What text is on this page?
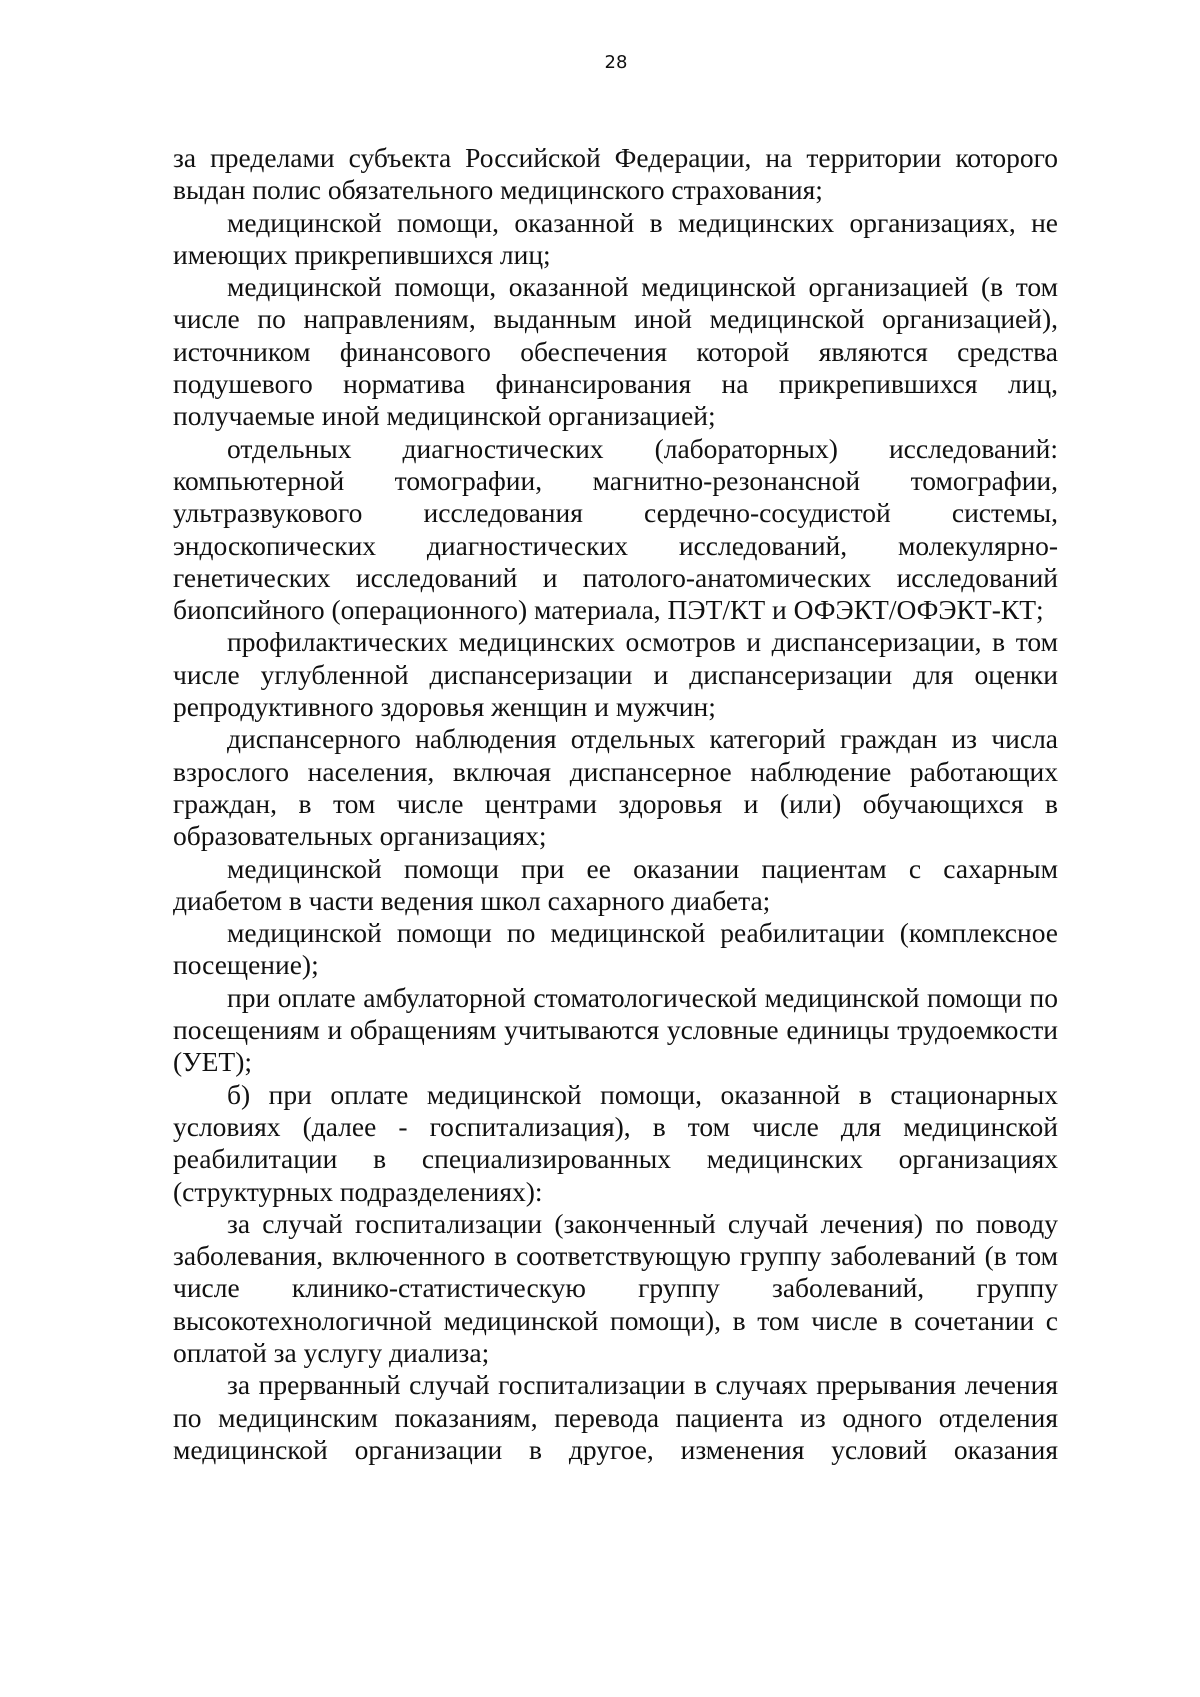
28

за пределами субъекта Российской Федерации, на территории которого выдан полис обязательного медицинского страхования;

медицинской помощи, оказанной в медицинских организациях, не имеющих прикрепившихся лиц;

медицинской помощи, оказанной медицинской организацией (в том числе по направлениям, выданным иной медицинской организацией), источником финансового обеспечения которой являются средства подушевого норматива финансирования на прикрепившихся лиц, получаемые иной медицинской организацией;

отдельных диагностических (лабораторных) исследований: компьютерной томографии, магнитно-резонансной томографии, ультразвукового исследования сердечно-сосудистой системы, эндоскопических диагностических исследований, молекулярно-генетических исследований и патолого-анатомических исследований биопсийного (операционного) материала, ПЭТ/КТ и ОФЭКТ/ОФЭКТ-КТ;

профилактических медицинских осмотров и диспансеризации, в том числе углубленной диспансеризации и диспансеризации для оценки репродуктивного здоровья женщин и мужчин;

диспансерного наблюдения отдельных категорий граждан из числа взрослого населения, включая диспансерное наблюдение работающих граждан, в том числе центрами здоровья и (или) обучающихся в образовательных организациях;

медицинской помощи при ее оказании пациентам с сахарным диабетом в части ведения школ сахарного диабета;

медицинской помощи по медицинской реабилитации (комплексное посещение);

при оплате амбулаторной стоматологической медицинской помощи по посещениям и обращениям учитываются условные единицы трудоемкости (УЕТ);

б) при оплате медицинской помощи, оказанной в стационарных условиях (далее - госпитализация), в том числе для медицинской реабилитации в специализированных медицинских организациях (структурных подразделениях):

за случай госпитализации (законченный случай лечения) по поводу заболевания, включенного в соответствующую группу заболеваний (в том числе клинико-статистическую группу заболеваний, группу высокотехнологичной медицинской помощи), в том числе в сочетании с оплатой за услугу диализа;

за прерванный случай госпитализации в случаях прерывания лечения по медицинским показаниям, перевода пациента из одного отделения медицинской организации в другое, изменения условий оказания
